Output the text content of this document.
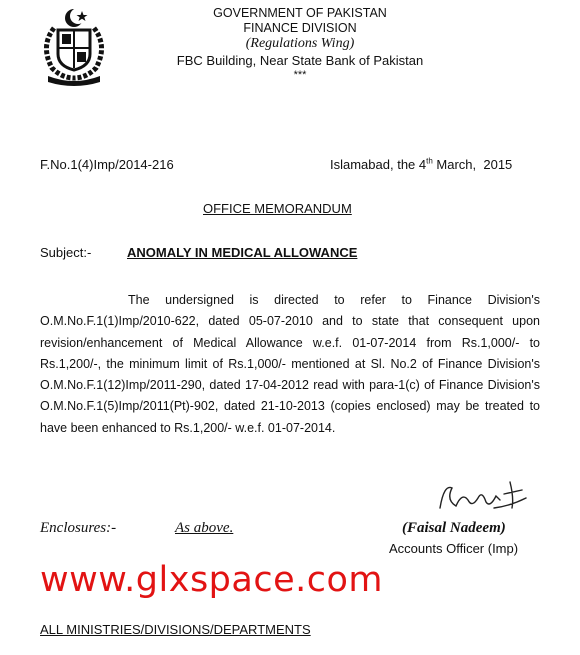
GOVERNMENT OF PAKISTAN
FINANCE DIVISION
(Regulations Wing)
FBC Building, Near State Bank of Pakistan
***
F.No.1(4)Imp/2014-216	Islamabad, the 4th March,  2015
OFFICE MEMORANDUM
Subject:-	ANOMALY IN MEDICAL ALLOWANCE
The undersigned is directed to refer to Finance Division's O.M.No.F.1(1)Imp/2010-622, dated 05-07-2010 and to state that consequent upon revision/enhancement of Medical Allowance w.e.f. 01-07-2014 from Rs.1,000/- to Rs.1,200/-, the minimum limit of Rs.1,000/- mentioned at Sl. No.2 of Finance Division's O.M.No.F.1(12)Imp/2011-290, dated 17-04-2012 read with para-1(c) of Finance Division's O.M.No.F.1(5)Imp/2011(Pt)-902, dated 21-10-2013 (copies enclosed) may be treated to have been enhanced to Rs.1,200/- w.e.f. 01-07-2014.
Enclosures:-	As above.	(Faisal Nadeem)
Accounts Officer (Imp)
www.glxspace.com
ALL MINISTRIES/DIVISIONS/DEPARTMENTS
